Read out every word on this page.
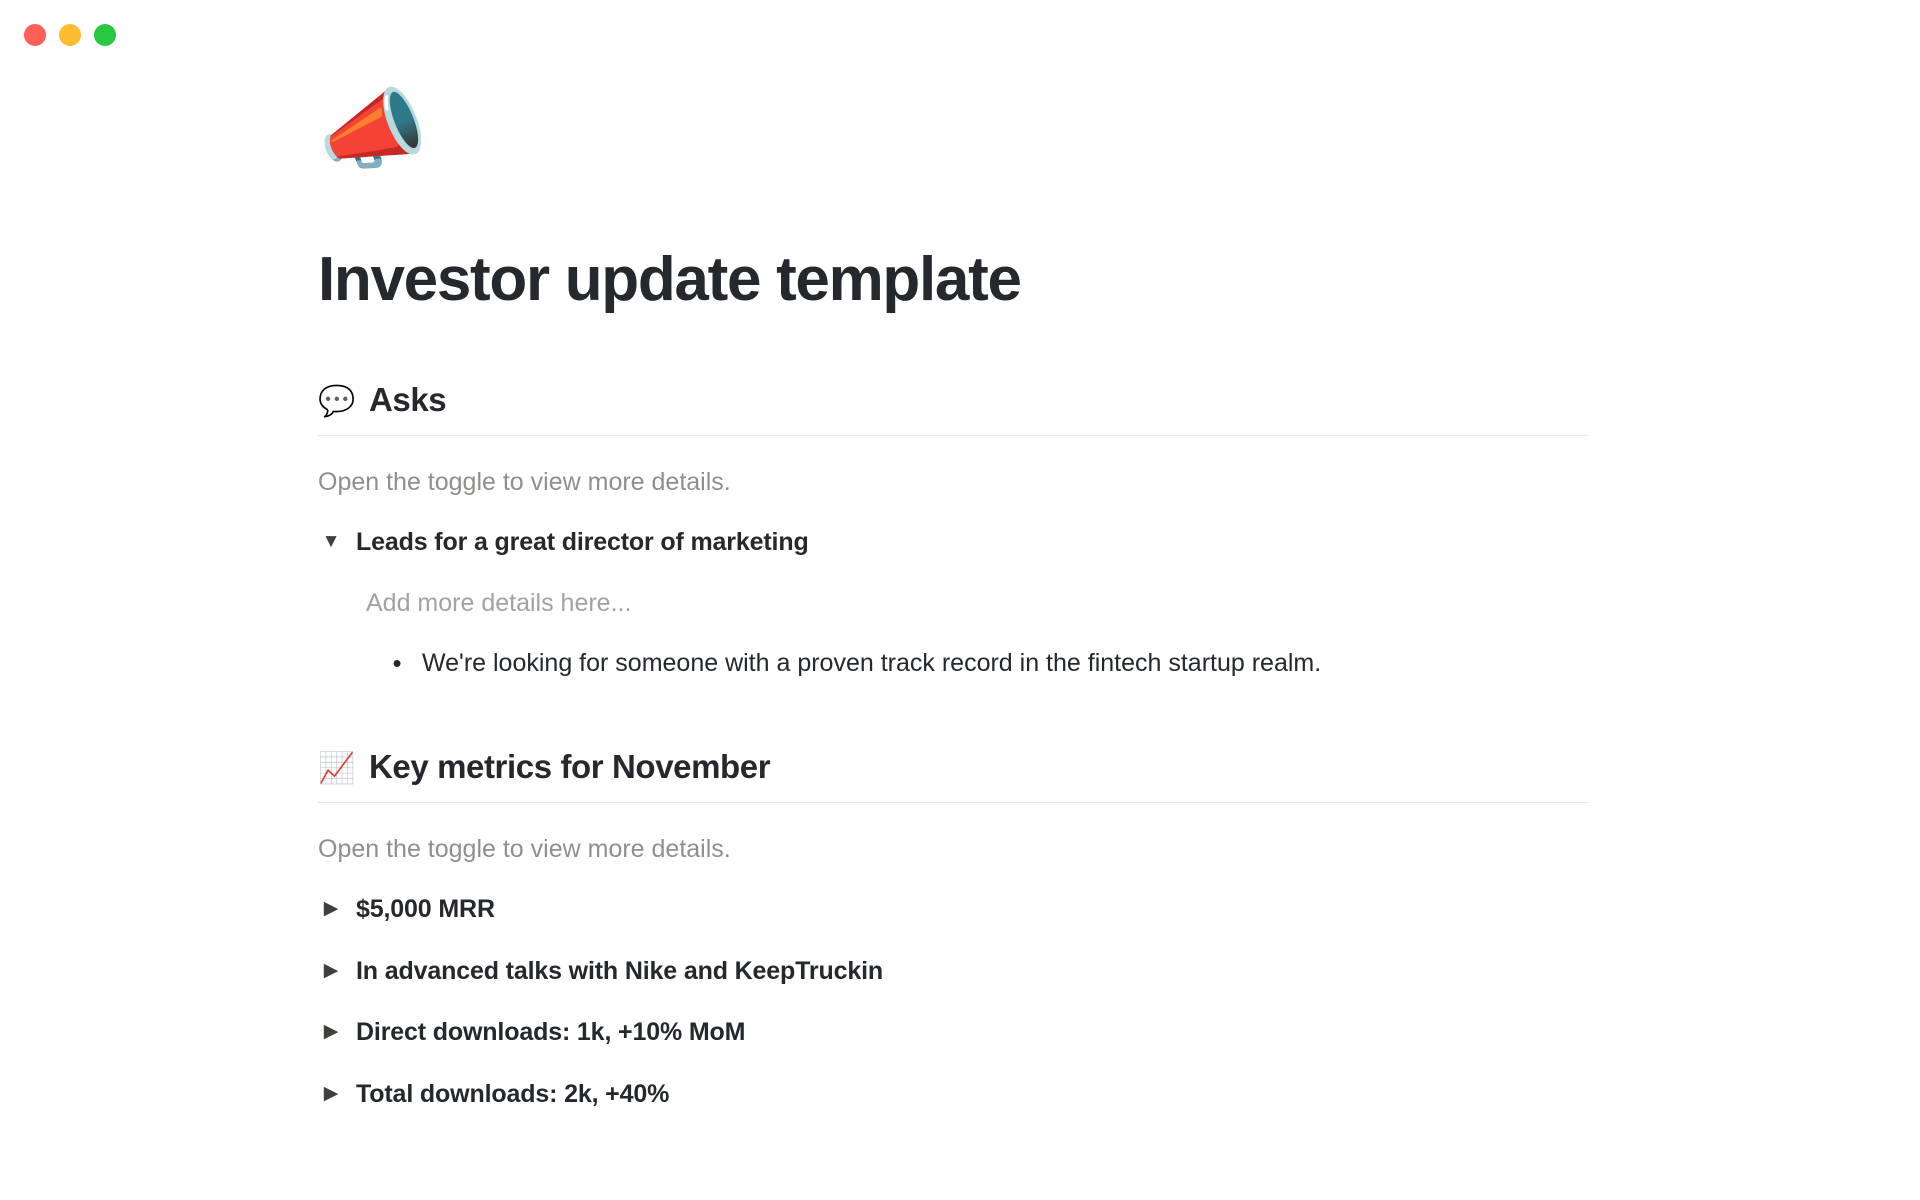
📣
Investor update template
💬 Asks

Open the toggle to view more details.

▼ Leads for a great director of marketing
Add more details here...
• We're looking for someone with a proven track record in the fintech startup realm.
📈 Key metrics for November

Open the toggle to view more details.

▶ $5,000 MRR
▶ In advanced talks with Nike and KeepTruckin
▶ Direct downloads: 1k, +10% MoM
▶ Total downloads: 2k, +40%
